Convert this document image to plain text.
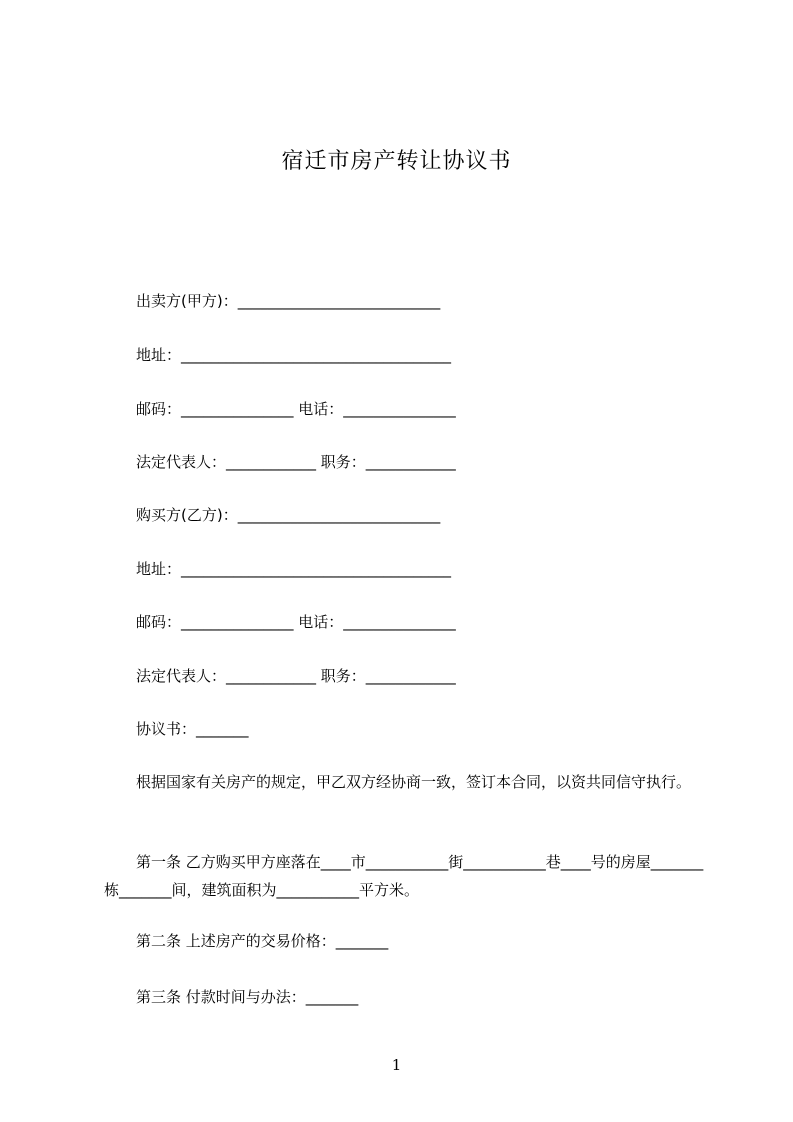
宿迁市房产转让协议书
出卖方(甲方)：___________________________
地址：____________________________________
邮码：_______________ 电话：_______________
法定代表人：____________ 职务：____________
购买方(乙方)：___________________________
地址：____________________________________
邮码：_______________ 电话：_______________
法定代表人：____________ 职务：____________
协议书：_______
根据国家有关房产的规定，甲乙双方经协商一致，签订本合同，以资共同信守执行。
第一条 乙方购买甲方座落在____市___________街___________巷____号的房屋_______栋_______间，建筑面积为___________平方米。
第二条 上述房产的交易价格：_______
第三条 付款时间与办法：_______
1
